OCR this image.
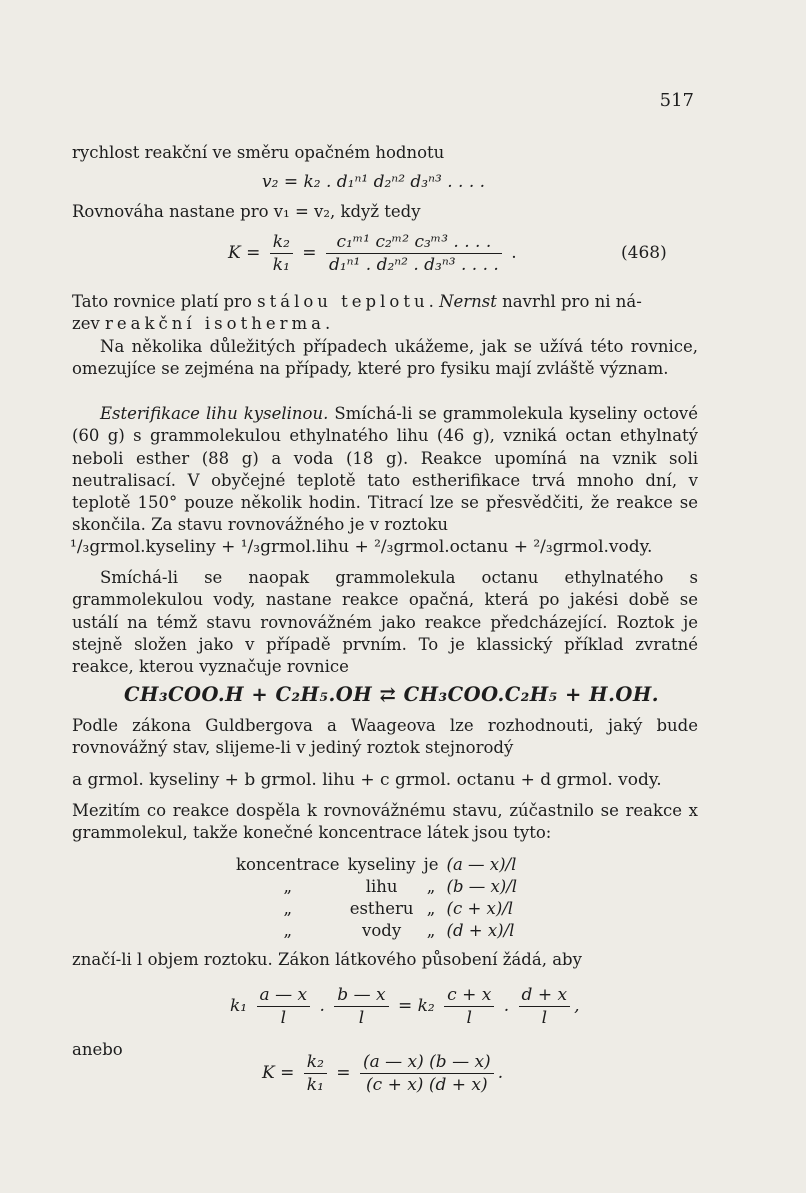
517
rychlost reakční ve směru opačném hodnotu
v₂ = k₂ . d₁ⁿ¹ d₂ⁿ² d₃ⁿ³ . . . .
Rovnováha nastane pro v₁ = v₂, když tedy
$K = \frac{\text{k₂}}{\text{k₁}} = \frac{\text{c₁ᵐ¹ c₂ᵐ² c₃ᵐ³ . . . .}}{\text{d₁ⁿ¹ . d₂ⁿ² . d₃ⁿ³ . . . .}}$ .	(468)
Tato rovnice platí pro stálou teplotu. Nernst navrhl pro ni ná-
zev reakční isotherma.
Na několika důležitých případech ukážeme, jak se užívá této rovnice, omezujíce se zejména na případy, které pro fysiku mají zvláště význam.
Esterifikace lihu kyselinou. Smíchá-li se grammolekula kyseliny octové (60 g) s grammolekulou ethylnatého lihu (46 g), vzniká octan ethylnatý neboli esther (88 g) a voda (18 g). Reakce upomíná na vznik soli neutralisací. V obyčejné teplotě tato estherifikace trvá mnoho dní, v teplotě 150° pouze několik hodin. Titrací lze se přesvědčiti, že reakce se skončila. Za stavu rovnovážného je v roztoku
¹/₃grmol.kyseliny + ¹/₃grmol.lihu + ²/₃grmol.octanu + ²/₃grmol.vody.
Smíchá-li se naopak grammolekula octanu ethylnatého s grammolekulou vody, nastane reakce opačná, která po jakési době se ustálí na témž stavu rovnovážném jako reakce předcházející. Roztok je stejně složen jako v případě prvním. To je klassický příklad zvratné reakce, kterou vyznačuje rovnice
CH₃COO.H + C₂H₅.OH ⇄ CH₃COO.C₂H₅ + H.OH.
Podle zákona Guldbergova a Waageova lze rozhodnouti, jaký bude rovnovážný stav, slijeme-li v jediný roztok stejnorodý
a grmol. kyseliny + b grmol. lihu + c grmol. octanu + d grmol. vody.
Mezitím co reakce dospěla k rovnovážnému stavu, zúčastnilo se reakce x grammolekul, takže konečné koncentrace látek jsou tyto:
koncentrace	kyseliny	je	(a — x)/l
„	lihu	„	(b — x)/l
„	estheru	„	(c + x)/l
„	vody	„	(d + x)/l
značí-li l objem roztoku. Zákon látkového působení žádá, aby
$k_1 \frac{a — x}{l}$ . $\frac{b — x}{l} = k_2 \frac{c + x}{l}$ . $\frac{d + x}{l}$ ,
anebo
$K = \frac{\text{k₂}}{\text{k₁}} = \frac{(a — x) (b — x)}{(c + x) (d + x)}$ .
